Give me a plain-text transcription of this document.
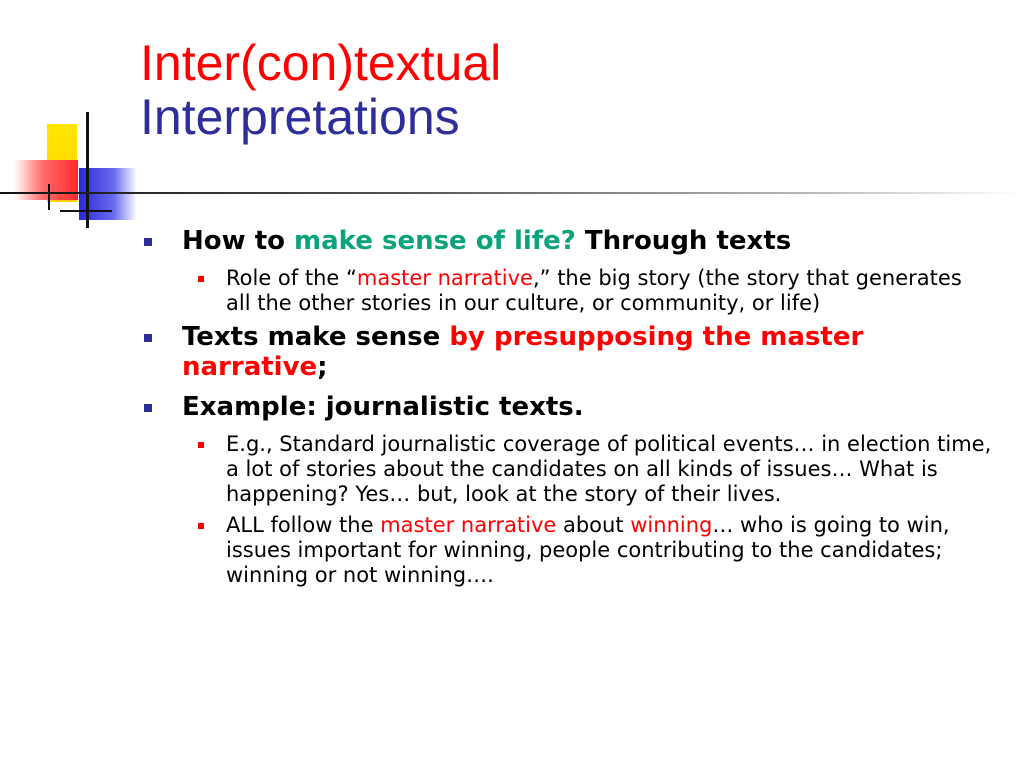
Inter(con)textual
Interpretations
How to make sense of life? Through texts
Role of the “master narrative,” the big story (the story that generates all the other stories in our culture, or community, or life)
Texts make sense by presupposing the master narrative;
Example: journalistic texts.
E.g., Standard journalistic coverage of political events… in election time, a lot of stories about the candidates on all kinds of issues… What is happening? Yes… but, look at the story of their lives.
ALL follow the master narrative about winning… who is going to win, issues important for winning, people contributing to the candidates; winning or not winning….
